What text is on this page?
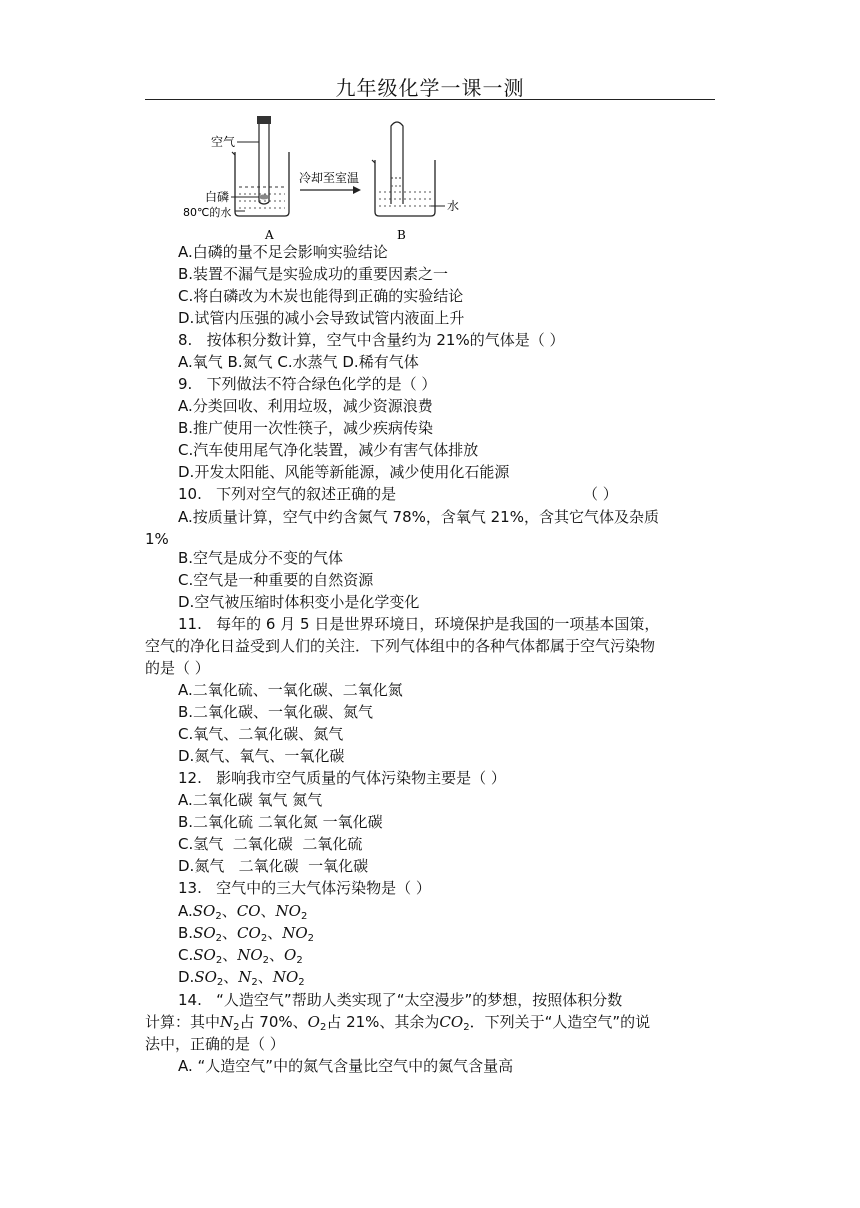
九年级化学一课一测
空气
白磷
80℃的水
冷却至室温
水
A	B
A.白磷的量不足会影响实验结论
B.装置不漏气是实验成功的重要因素之一
C.将白磷改为木炭也能得到正确的实验结论
D.试管内压强的减小会导致试管内液面上升
8.   按体积分数计算，空气中含量约为 21%的气体是（ ）
A.氧气 B.氮气 C.水蒸气 D.稀有气体
9.   下列做法不符合绿色化学的是（ ）
A.分类回收、利用垃圾，减少资源浪费
B.推广使用一次性筷子，减少疾病传染
C.汽车使用尾气净化装置，减少有害气体排放
D.开发太阳能、风能等新能源，减少使用化石能源
10.   下列对空气的叙述正确的是	（ ）
A.按质量计算，空气中约含氮气 78%，含氧气 21%，含其它气体及杂质
1%
B.空气是成分不变的气体
C.空气是一种重要的自然资源
D.空气被压缩时体积变小是化学变化
11.   每年的 6 月 5 日是世界环境日，环境保护是我国的一项基本国策，
空气的净化日益受到人们的关注．下列气体组中的各种气体都属于空气污染物
的是（ ）
A.二氧化硫、一氧化碳、二氧化氮
B.二氧化碳、一氧化碳、氮气
C.氧气、二氧化碳、氮气
D.氮气、氧气、一氧化碳
12.   影响我市空气质量的气体污染物主要是（ ）
A.二氧化碳 氧气 氮气
B.二氧化硫 二氧化氮 一氧化碳
C.氢气  二氧化碳  二氧化硫
D.氮气   二氧化碳  一氧化碳
13.   空气中的三大气体污染物是（ ）
$A.SO_2$、CO、$NO_2$
$B.SO_2$、$CO_2$、$NO_2$
$C.SO_2$、$NO_2$、$O_2$
$D.SO_2$、$N_2$、$NO_2$
14.   “人造空气”帮助人类实现了“太空漫步”的梦想，按照体积分数
计算：其中$N_2$占 70%、$O_2$占 21%、其余为$CO_2$．下列关于“人造空气”的说
法中，正确的是（ ）
A. “人造空气”中的氮气含量比空气中的氮气含量高
